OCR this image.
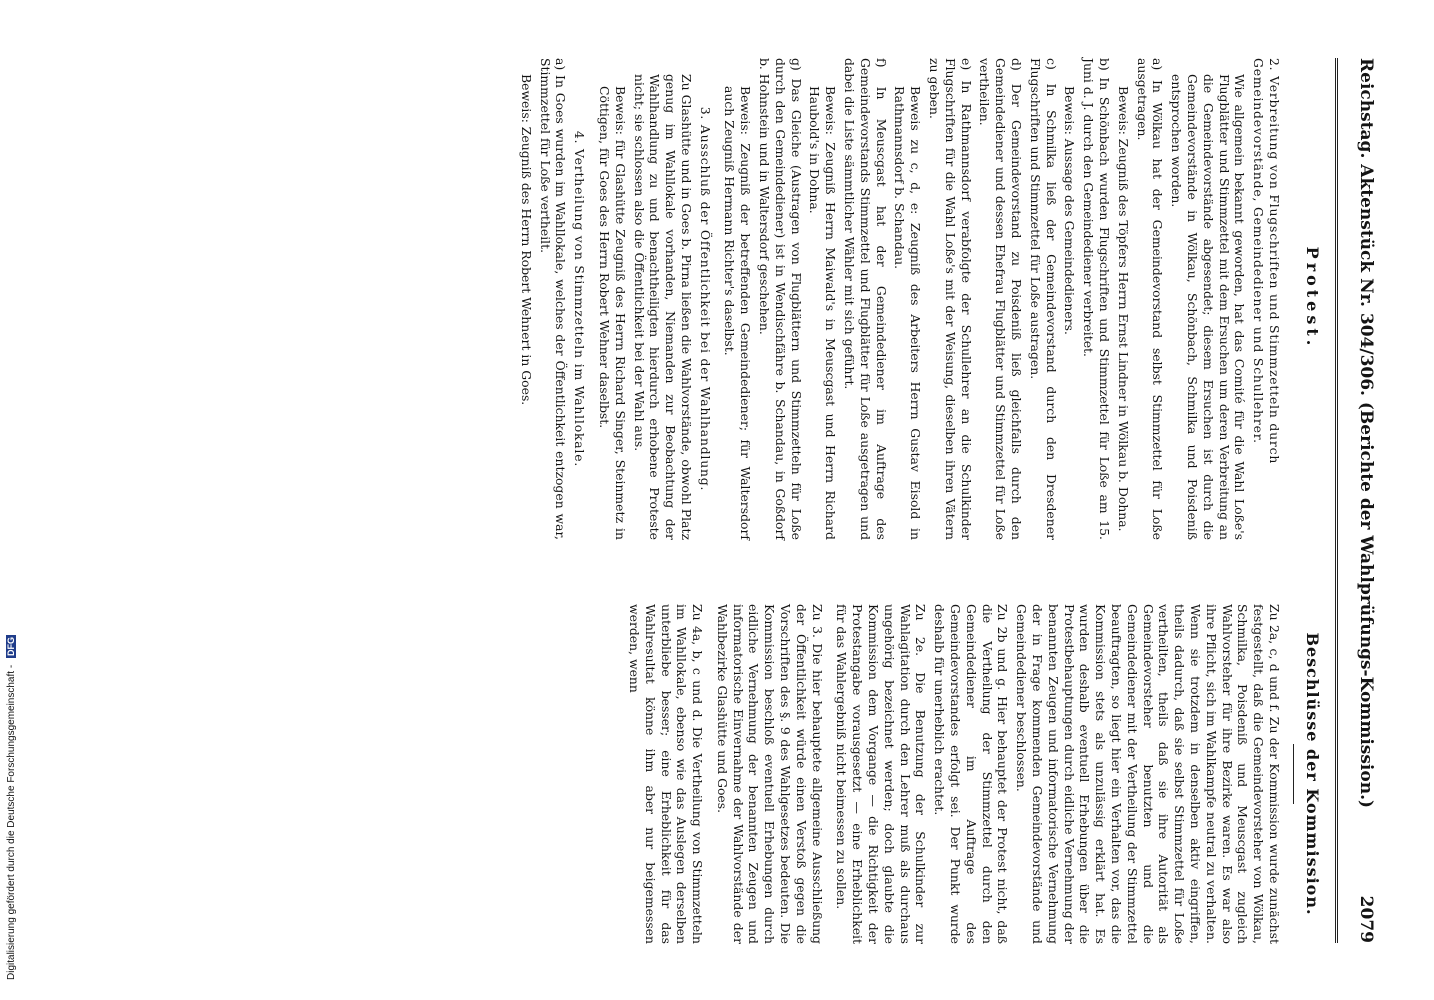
Reichstag. Aktenstück Nr. 304/306. (Berichte der Wahlprüfungs-Kommission.)
2079
Protest.
Beschlüsse der Kommission.

2. Verbreitung von Flugschriften und Stimmzetteln durch Gemeindevorstände, Gemeindediener und Schullehrer.

Wie allgemein bekannt geworden, hat das Comité für die Wahl Loße's Flugblätter und Stimmzettel mit dem Ersuchen um deren Verbreitung an die Gemeindevorstände abgesendet; diesem Ersuchen ist durch die Gemeindevorstände in Wölkau, Schönbach, Schmilka und Poisdeniß entsprochen worden.

a) In Wölkau hat der Gemeindevorstand selbst Stimmzettel für Loße ausgetragen.

Beweis: Zeugniß des Töpfers Herrn Ernst Lindner in Wölkau b. Dohna.

b) In Schönbach wurden Flugschriften und Stimmzettel für Loße am 15. Juni d. J. durch den Gemeindediener verbreitet.

Beweis: Aussage des Gemeindedieners.

c) In Schmilka ließ der Gemeindevorstand durch den Dresdener Flugschriften und Stimmzettel für Loße austragen.

d) Der Gemeindevorstand zu Poisdeniß ließ gleichfalls durch den Gemeindediener und dessen Ehefrau Flugblätter und Stimmzettel für Loße vertheilen.

e) In Rathmannsdorf verabfolgte der Schullehrer an die Schulkinder Flugschriften für die Wahl Loße's mit der Weisung, dieselben ihren Vätern zu geben.

Beweis zu c, d, e: Zeugniß des Arbeiters Herrn Gustav Eisold in Rathmannsdorf b. Schandau.

f) In Meuscgast hat der Gemeindediener im Auftrage des Gemeindevorstands Stimmzettel und Flugblätter für Loße ausgetragen und dabei die Liste sämmtlicher Wähler mit sich geführt.

Beweis: Zeugniß Herrn Maiwald's in Meuscgast und Herrn Richard Haubold's in Dohna.

g) Das Gleiche (Austragen von Flugblättern und Stimmzetteln für Loße durch den Gemeindediener) ist in Wendischfähre b. Schandau, in Goßdorf b. Hohnstein und in Waltersdorf geschehen.

Beweis: Zeugniß der betreffenden Gemeindediener; für Waltersdorf auch Zeugniß Hermann Richter's daselbst.

3. Ausschluß der Öffentlichkeit bei der Wahlhandlung.

Zu Glashütte und in Goes b. Pirna ließen die Wahlvorstände, obwohl Platz genug im Wahllokale vorhanden, Niemanden zur Beobachtung der Wahlhandlung zu und benachtheiligten hierdurch erhobene Proteste nicht; sie schlossen also die Öffentlichkeit bei der Wahl aus.

Beweis: für Glashütte Zeugniß des Herrn Richard Singer, Steinmetz in Cöttigen, für Goes des Herrn Robert Wehner daselbst.

4. Vertheilung von Stimmzetteln im Wahllokale.

a) In Goes wurden im Wahllokale, welches der Öffentlichkeit entzogen war, Stimmzettel für Loße vertheilt.

Beweis: Zeugniß des Herrn Robert Wehnert in Goes.

Zu 2a, c, d und f. Zu der Kommission wurde zunächst festgestellt, daß die Gemeindevorsteher von Wölkau, Schmilka, Poisdeniß und Meuscgast zugleich Wahlvorsteher für ihre Bezirke waren. Es war also ihre Pflicht, sich im Wahlkampfe neutral zu verhalten. Wenn sie trotzdem in denselben aktiv eingriffen, theils dadurch, daß sie selbst Stimmzettel für Loße vertheilten, theils daß sie ihre Autorität als Gemeindevorsteher benutzten und die Gemeindediener mit der Vertheilung der Stimmzettel beauftragten, so liegt hier ein Verhalten vor, das die Kommission stets als unzulässig erklärt hat. Es wurden deshalb eventuell Erhebungen über die Protestbehauptungen durch eidliche Vernehmung der benannten Zeugen und informatorische Vernehmung der in Frage kommenden Gemeindevorstände und Gemeindediener beschlossen.

Zu 2b und g. Hier behauptet der Protest nicht, daß die Vertheilung der Stimmzettel durch den Gemeindediener im Auftrage des Gemeindevorstandes erfolgt sei. Der Punkt wurde deshalb für unerheblich erachtet.

Zu 2e. Die Benutzung der Schulkinder zur Wahlagitation durch den Lehrer muß als durchaus ungehörig bezeichnet werden; doch glaubte die Kommission dem Vorgange — die Richtigkeit der Protestangabe vorausgesetzt — eine Erheblichkeit für das Wahlergebniß nicht beimessen zu sollen.

Zu 3. Die hier behauptete allgemeine Ausschließung der Öffentlichkeit würde einen Verstoß gegen die Vorschriften des §. 9 des Wahlgesetzes bedeuten. Die Kommission beschloß eventuell Erhebungen durch eidliche Vernehmung der benannten Zeugen und informatorische Einvernahme der Wahlvorstände der Wahlbezirke Glashütte und Goes.

Zu 4a, b, c und d. Die Vertheilung von Stimmzetteln im Wahllokale, ebenso wie das Auslegen derselben unterbliebe besser; eine Erheblichkeit für das Wahlresultat könne ihm aber nur beigemessen werden, wenn

Digitalisierung gefördert durch die Deutsche Forschungsgemeinschaft - DFG
